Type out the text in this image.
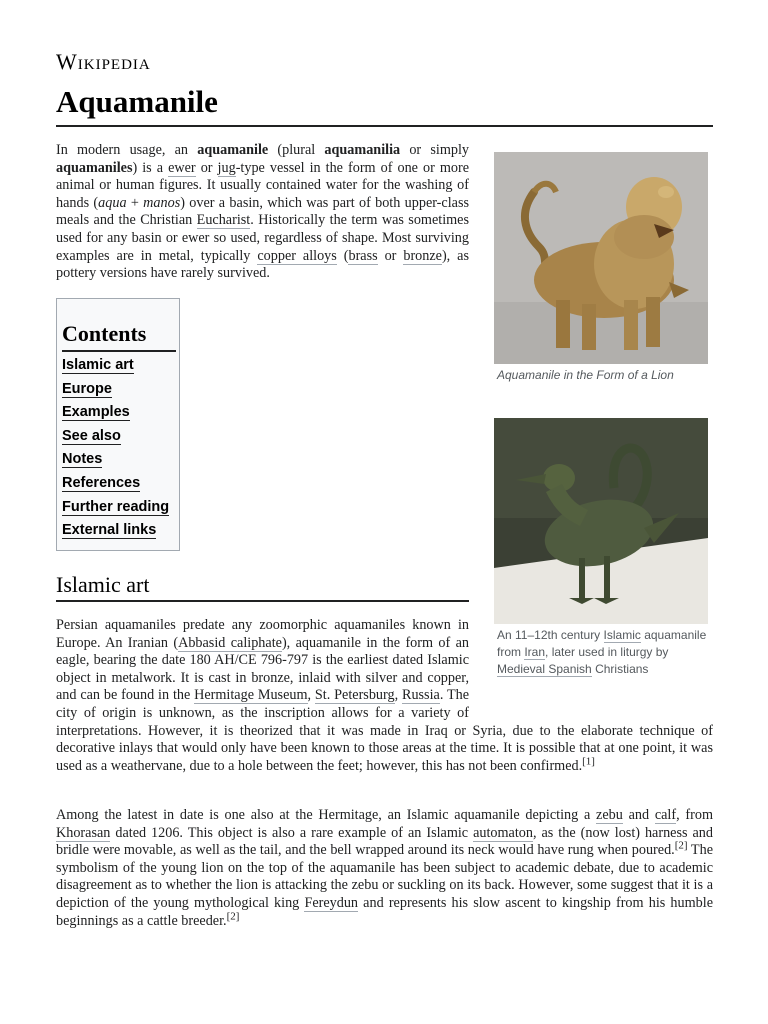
Wikipedia
Aquamanile

In modern usage, an aquamanile (plural aquamanilia or simply aquamaniles) is a ewer or jug-type vessel in the form of one or more animal or human figures. It usually contained water for the washing of hands (aqua + manos) over a basin, which was part of both upper-class meals and the Christian Eucharist. Historically the term was sometimes used for any basin or ewer so used, regardless of shape. Most surviving examples are in metal, typically copper alloys (brass or bronze), as pottery versions have rarely survived.

Contents
Islamic art
Europe
Examples
See also
Notes
References
Further reading
External links
Aquamanile in the Form of a Lion
An 11–12th century Islamic aquamanile from Iran, later used in liturgy by Medieval Spanish Christians
Islamic art

Persian aquamaniles predate any zoomorphic aquamaniles known in Europe. An Iranian (Abbasid caliphate), aquamanile in the form of an eagle, bearing the date 180 AH/CE 796-797 is the earliest dated Islamic object in metalwork. It is cast in bronze, inlaid with silver and copper, and can be found in the Hermitage Museum, St. Petersburg, Russia. The city of origin is unknown, as the inscription allows for a variety of interpretations. However, it is theorized that it was made in Iraq or Syria, due to the elaborate technique of decorative inlays that would only have been known to those areas at the time. It is possible that at one point, it was used as a weathervane, due to a hole between the feet; however, this has not been confirmed.[1]

Among the latest in date is one also at the Hermitage, an Islamic aquamanile depicting a zebu and calf, from Khorasan dated 1206. This object is also a rare example of an Islamic automaton, as the (now lost) harness and bridle were movable, as well as the tail, and the bell wrapped around its neck would have rung when poured.[2] The symbolism of the young lion on the top of the aquamanile has been subject to academic debate, due to academic disagreement as to whether the lion is attacking the zebu or suckling on its back. However, some suggest that it is a depiction of the young mythological king Fereydun and represents his slow ascent to kingship from his humble beginnings as a cattle breeder.[2]
